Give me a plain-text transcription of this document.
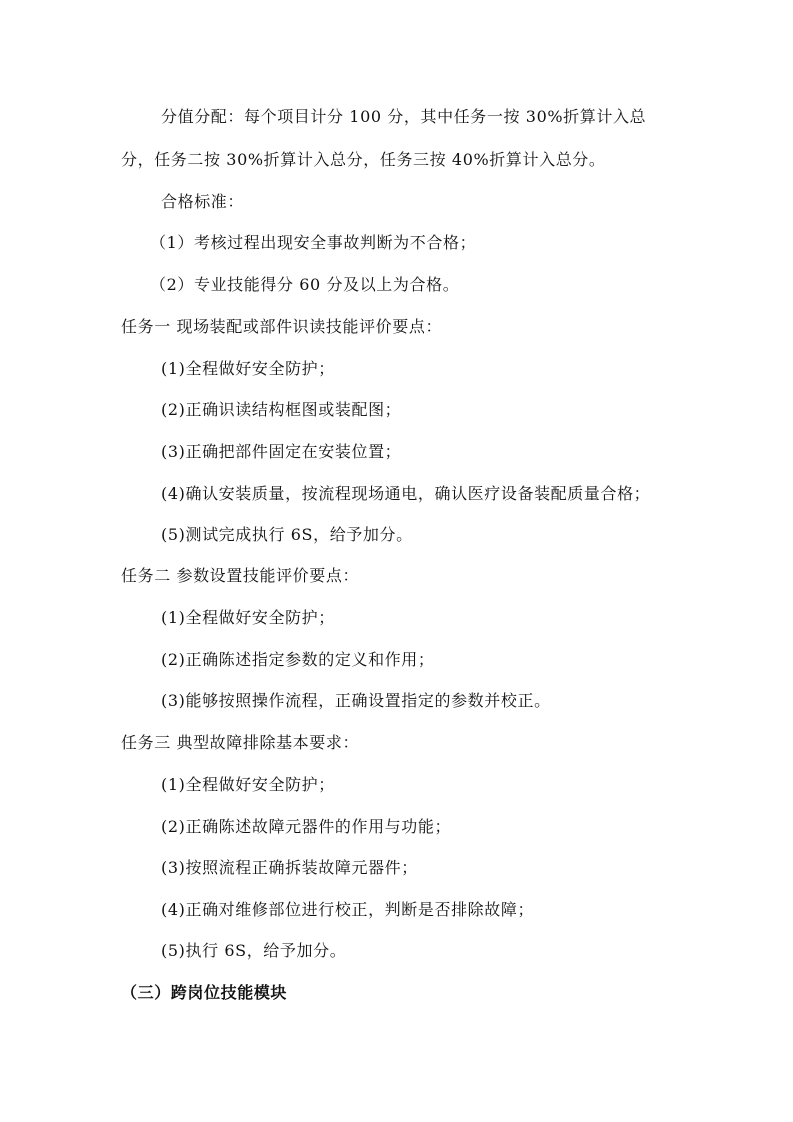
分值分配：每个项目计分 100 分，其中任务一按 30%折算计入总
分，任务二按 30%折算计入总分，任务三按 40%折算计入总分。
合格标准：
（1）考核过程出现安全事故判断为不合格；
（2）专业技能得分 60 分及以上为合格。
任务一 现场装配或部件识读技能评价要点：
(1)全程做好安全防护；
(2)正确识读结构框图或装配图；
(3)正确把部件固定在安装位置；
(4)确认安装质量，按流程现场通电，确认医疗设备装配质量合格；
(5)测试完成执行 6S，给予加分。
任务二 参数设置技能评价要点：
(1)全程做好安全防护；
(2)正确陈述指定参数的定义和作用；
(3)能够按照操作流程，正确设置指定的参数并校正。
任务三 典型故障排除基本要求：
(1)全程做好安全防护；
(2)正确陈述故障元器件的作用与功能；
(3)按照流程正确拆装故障元器件；
(4)正确对维修部位进行校正，判断是否排除故障；
(5)执行 6S，给予加分。
（三）跨岗位技能模块
